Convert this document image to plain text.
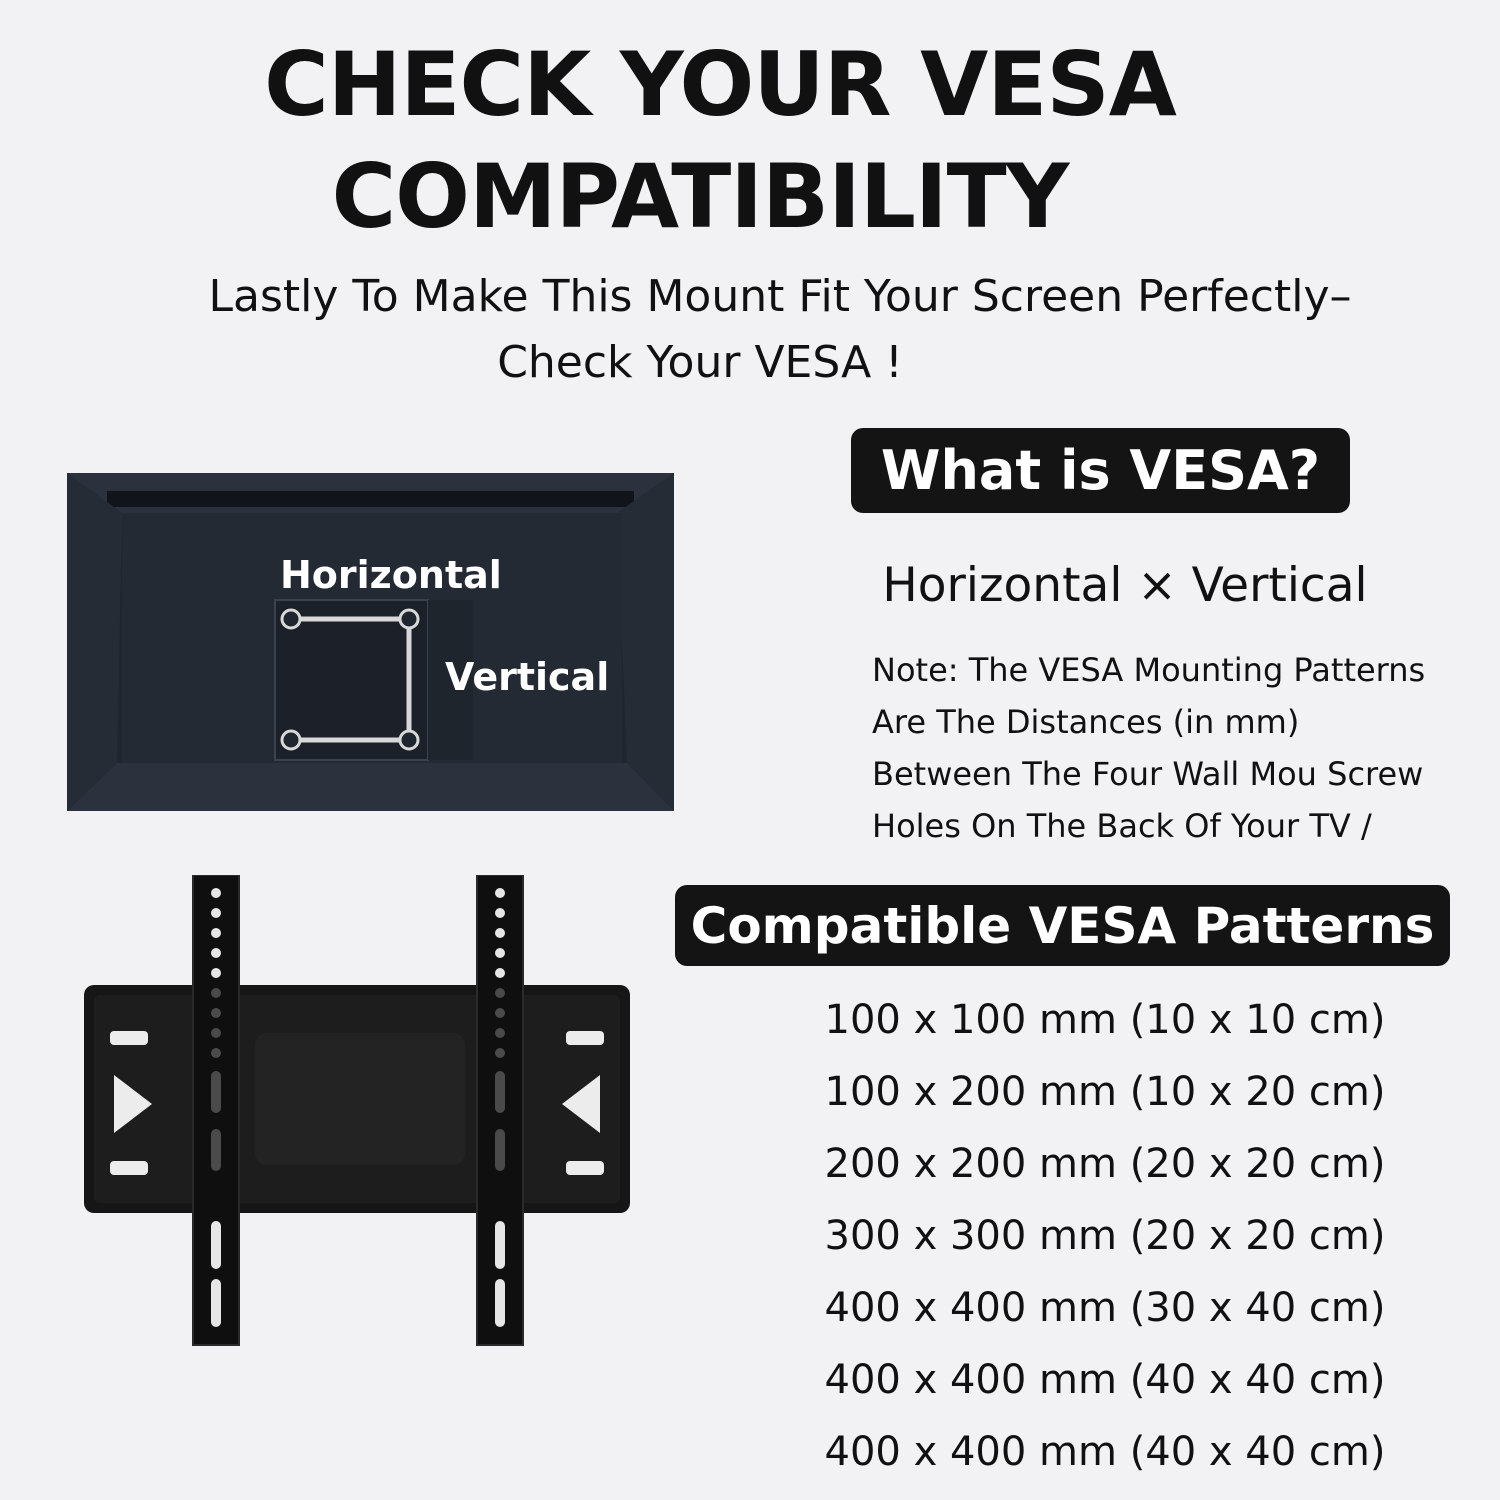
CHECK YOUR VESA
COMPATIBILITY
Lastly To Make This Mount Fit Your Screen Perfectly–
Check Your VESA !
Horizontal
Vertical
What is VESA?
Horizontal × Vertical
Note: The VESA Mounting Patterns
Are The Distances (in mm)
Between The Four Wall Mou Screw
Holes On The Back Of Your TV /
Compatible VESA Patterns
100 x 100 mm (10 x 10 cm)
100 x 200 mm (10 x 20 cm)
200 x 200 mm (20 x 20 cm)
300 x 300 mm (20 x 20 cm)
400 x 400 mm (30 x 40 cm)
400 x 400 mm (40 x 40 cm)
400 x 400 mm (40 x 40 cm)
